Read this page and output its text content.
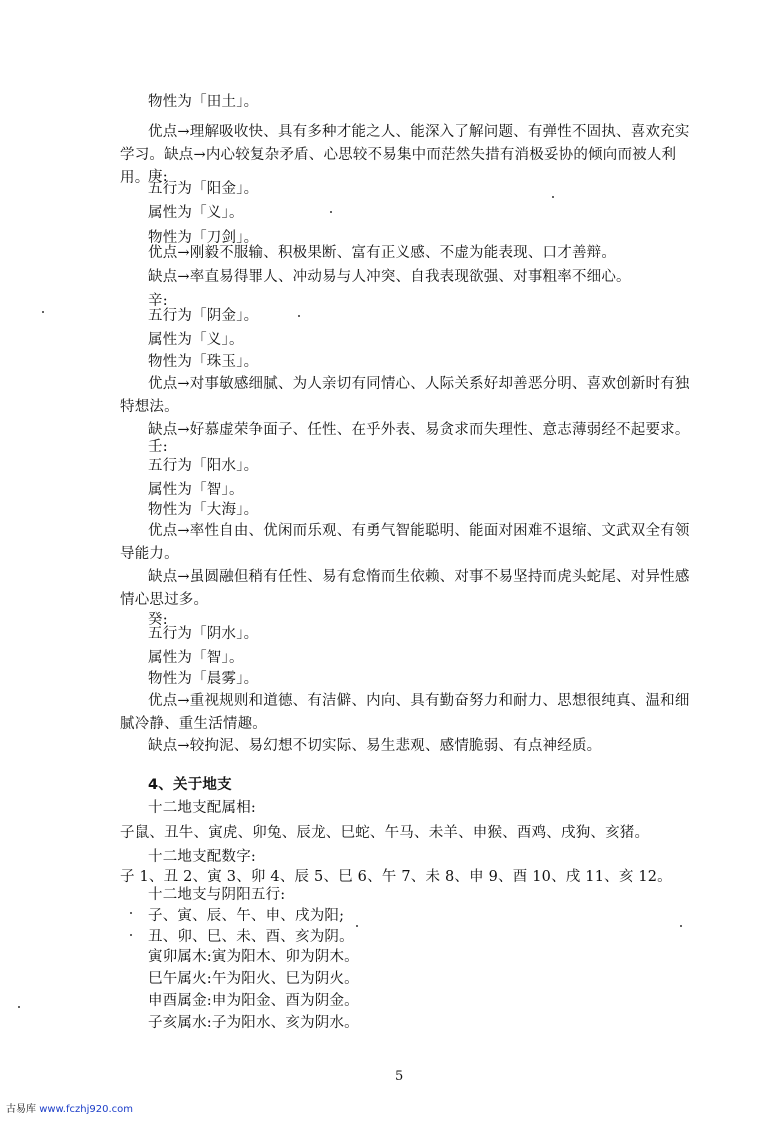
物性为「田土」。
优点→理解吸收快、具有多种才能之人、能深入了解问题、有弹性不固执、喜欢充实学习。缺点→内心较复杂矛盾、心思较不易集中而茫然失措有消极妥协的倾向而被人利用。
庚:
五行为「阳金」。
属性为「义」。
物性为「刀剑」。
优点→刚毅不服输、积极果断、富有正义感、不虚为能表现、口才善辩。
缺点→率直易得罪人、冲动易与人冲突、自我表现欲强、对事粗率不细心。
辛:
五行为「阴金」。
属性为「义」。
物性为「珠玉」。
优点→对事敏感细腻、为人亲切有同情心、人际关系好却善恶分明、喜欢创新时有独特想法。
缺点→好慕虚荣争面子、任性、在乎外表、易贪求而失理性、意志薄弱经不起要求。
壬:
五行为「阳水」。
属性为「智」。
物性为「大海」。
优点→率性自由、优闲而乐观、有勇气智能聪明、能面对困难不退缩、文武双全有领导能力。
缺点→虽圆融但稍有任性、易有怠惰而生依赖、对事不易坚持而虎头蛇尾、对异性感情心思过多。
癸:
五行为「阴水」。
属性为「智」。
物性为「晨雾」。
优点→重视规则和道德、有洁僻、内向、具有勤奋努力和耐力、思想很纯真、温和细腻冷静、重生活情趣。
缺点→较拘泥、易幻想不切实际、易生悲观、感情脆弱、有点神经质。
4、关于地支
十二地支配属相:
子鼠、丑牛、寅虎、卯兔、辰龙、巳蛇、午马、未羊、申猴、酉鸡、戌狗、亥猪。
十二地支配数字:
子 1、丑 2、寅 3、卯 4、辰 5、巳 6、午 7、未 8、申 9、酉 10、戌 11、亥 12。
十二地支与阴阳五行:
子、寅、辰、午、申、戌为阳;
丑、卯、巳、未、酉、亥为阴。
寅卯属木:寅为阳木、卯为阴木。
巳午属火:午为阳火、巳为阴火。
申酉属金:申为阳金、酉为阴金。
子亥属水:子为阳水、亥为阴水。
5
古易库 www.fczhj920.com
